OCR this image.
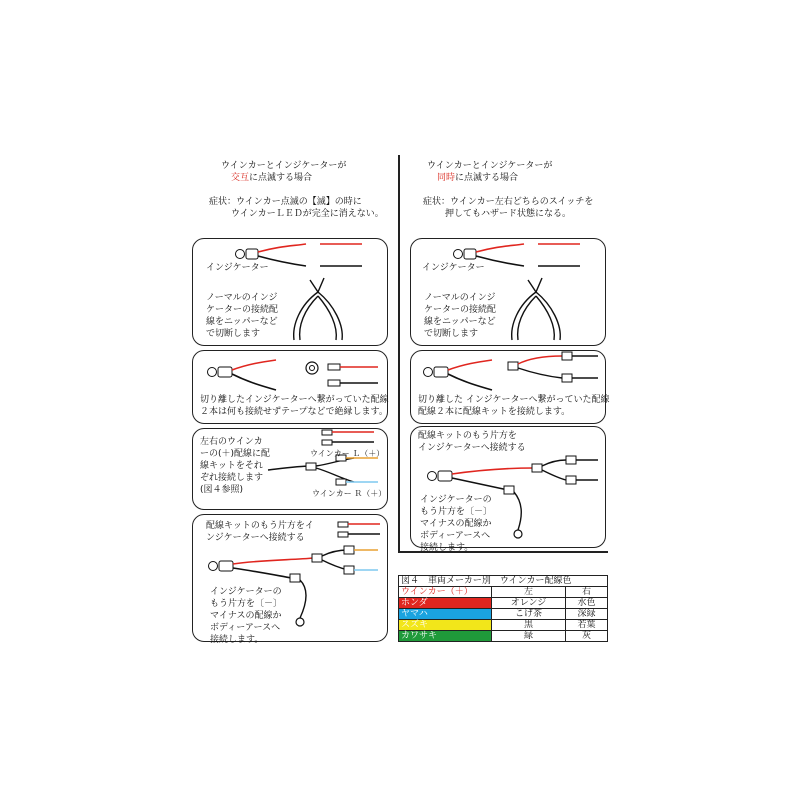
ウインカーとインジケーターが
交互に点滅する場合
症状：ウインカー点滅の【滅】の時に
ウインカーＬＥＤが完全に消えない。
ウインカーとインジケーターが
同時に点滅する場合
症状：ウインカー左右どちらのスイッチを
押してもハザード状態になる。
インジケーター
ノーマルのインジ
ケーターの接続配
線をニッパーなど
で切断します
切り離したインジケーターへ繋がっていた配線
２本は何も接続せずテープなどで絶縁します。
左右のウインカ
ーの(＋)配線に配
線キットをそれ
ぞれ接続します
(図４参照)
ウインカー Ｌ（＋）
ウインカー Ｒ（＋）
配線キットのもう片方をイ
ンジケーターへ接続する
インジケーターの
もう片方を〔－〕
マイナスの配線か
ボディーアースへ
接続します。
インジケーター
ノーマルのインジ
ケーターの接続配
線をニッパーなど
で切断します
切り離した インジケーターへ繋がっていた配線
配線２本に配線キットを接続します。
配線キットのもう片方を
インジケーターへ接続する
インジケーターの
もう片方を〔－〕
マイナスの配線か
ボディーアースへ
接続します。
図４　車両メーカー別　ウインカー配線色		
ウインカー（＋）	左	右
ホンダ	オレンジ	水色
ヤマハ	こげ茶	深緑
スズキ	黒	若葉
カワサキ	緑	灰
